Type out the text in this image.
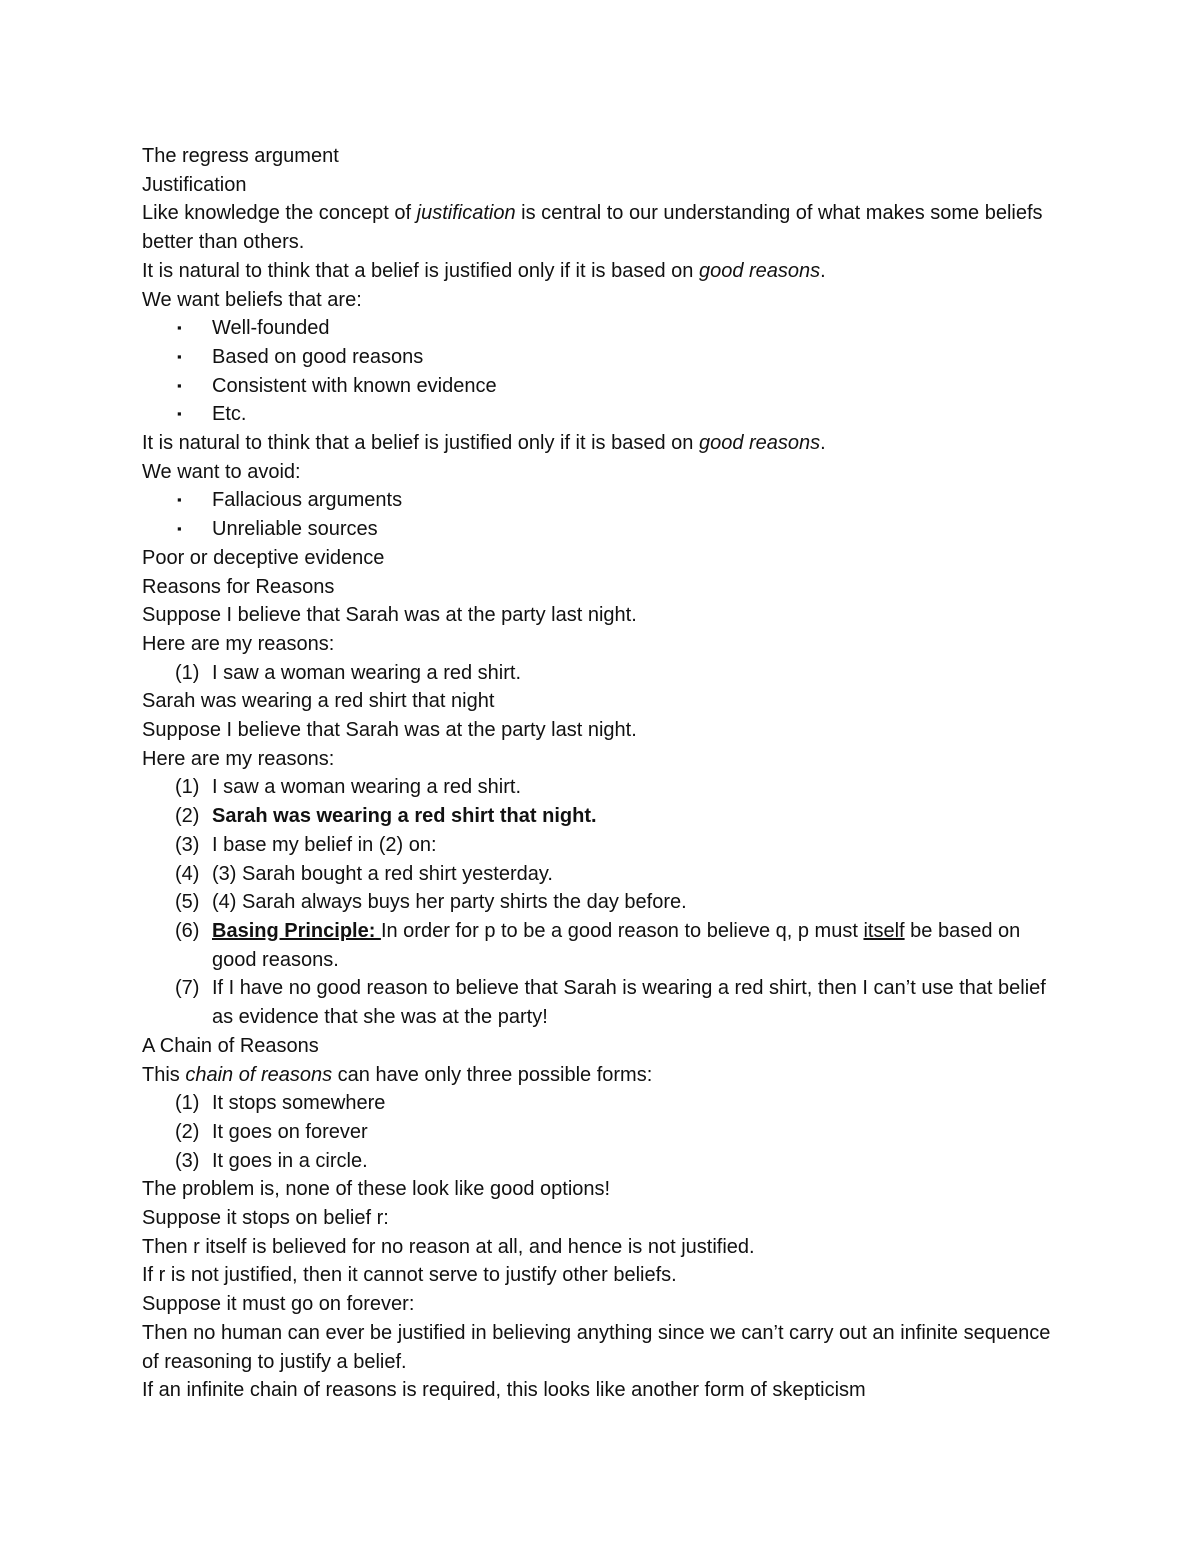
The regress argument

Justification

Like knowledge the concept of justification is central to our understanding of what makes some beliefs better than others.

It is natural to think that a belief is justified only if it is based on good reasons.

We want beliefs that are:

▪ Well-founded

▪ Based on good reasons

▪ Consistent with known evidence

▪ Etc.

It is natural to think that a belief is justified only if it is based on good reasons.

We want to avoid:

▪ Fallacious arguments

▪ Unreliable sources

Poor or deceptive evidence

Reasons for Reasons

Suppose I believe that Sarah was at the party last night.

Here are my reasons:

(1) I saw a woman wearing a red shirt.

Sarah was wearing a red shirt that night

Suppose I believe that Sarah was at the party last night.

Here are my reasons:

(1) I saw a woman wearing a red shirt.

(2) Sarah was wearing a red shirt that night.

(3) I base my belief in (2) on:

(4) (3) Sarah bought a red shirt yesterday.

(5) (4) Sarah always buys her party shirts the day before.

(6) Basing Principle: In order for p to be a good reason to believe q, p must itself be based on good reasons.

(7) If I have no good reason to believe that Sarah is wearing a red shirt, then I can’t use that belief as evidence that she was at the party!

A Chain of Reasons

This chain of reasons can have only three possible forms:

(1) It stops somewhere

(2) It goes on forever

(3) It goes in a circle.

The problem is, none of these look like good options!

Suppose it stops on belief r:

Then r itself is believed for no reason at all, and hence is not justified.

If r is not justified, then it cannot serve to justify other beliefs.

Suppose it must go on forever:

Then no human can ever be justified in believing anything since we can’t carry out an infinite sequence of reasoning to justify a belief.

If an infinite chain of reasons is required, this looks like another form of skepticism
